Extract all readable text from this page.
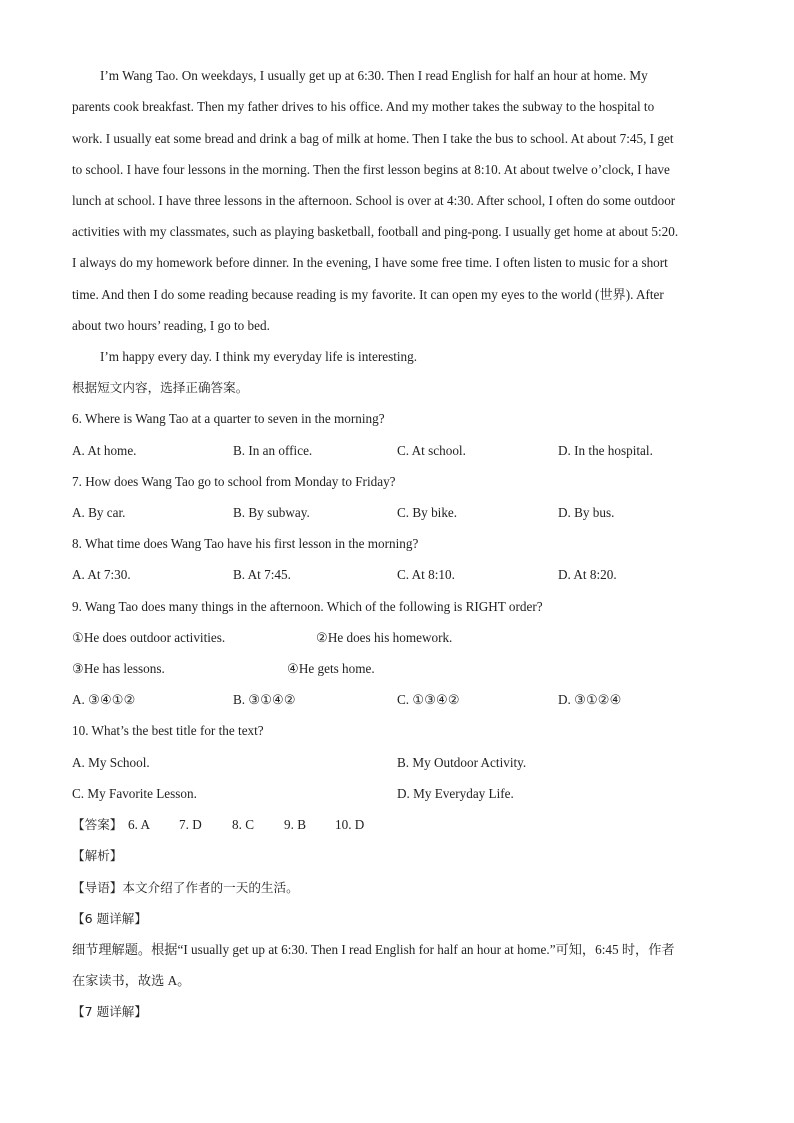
I’m Wang Tao. On weekdays, I usually get up at 6:30. Then I read English for half an hour at home. My
parents cook breakfast. Then my father drives to his office. And my mother takes the subway to the hospital to
work. I usually eat some bread and drink a bag of milk at home. Then I take the bus to school. At about 7:45, I get
to school. I have four lessons in the morning. Then the first lesson begins at 8:10. At about twelve o’clock, I have
lunch at school. I have three lessons in the afternoon. School is over at 4:30. After school, I often do some outdoor
activities with my classmates, such as playing basketball, football and ping-pong. I usually get home at about 5:20.
I always do my homework before dinner. In the evening, I have some free time. I often listen to music for a short
time. And then I do some reading because reading is my favorite. It can open my eyes to the world (世界). After
about two hours’ reading, I go to bed.
I’m happy every day. I think my everyday life is interesting.
根据短文内容，选择正确答案。
6. Where is Wang Tao at a quarter to seven in the morning?
A. At home.	B. In an office.	C. At school.	D. In the hospital.
7. How does Wang Tao go to school from Monday to Friday?
A. By car.	B. By subway.	C. By bike.	D. By bus.
8. What time does Wang Tao have his first lesson in the morning?
A. At 7:30.	B. At 7:45.	C. At 8:10.	D. At 8:20.
9. Wang Tao does many things in the afternoon. Which of the following is RIGHT order?
①He does outdoor activities.	②He does his homework.
③He has lessons.	④He gets home.
A. ③④①②	B. ③①④②	C. ①③④②	D. ③①②④
10. What’s the best title for the text?
A. My School.	B. My Outdoor Activity.
C. My Favorite Lesson.	D. My Everyday Life.
【答案】 6. A 7. D 8. C 9. B 10. D
【解析】
【导语】本文介绍了作者的一天的生活。
【6 题详解】
细节理解题。根据“I usually get up at 6:30. Then I read English for half an hour at home.”可知，6:45 时，作者
在家读书，故选 A。
【7 题详解】
